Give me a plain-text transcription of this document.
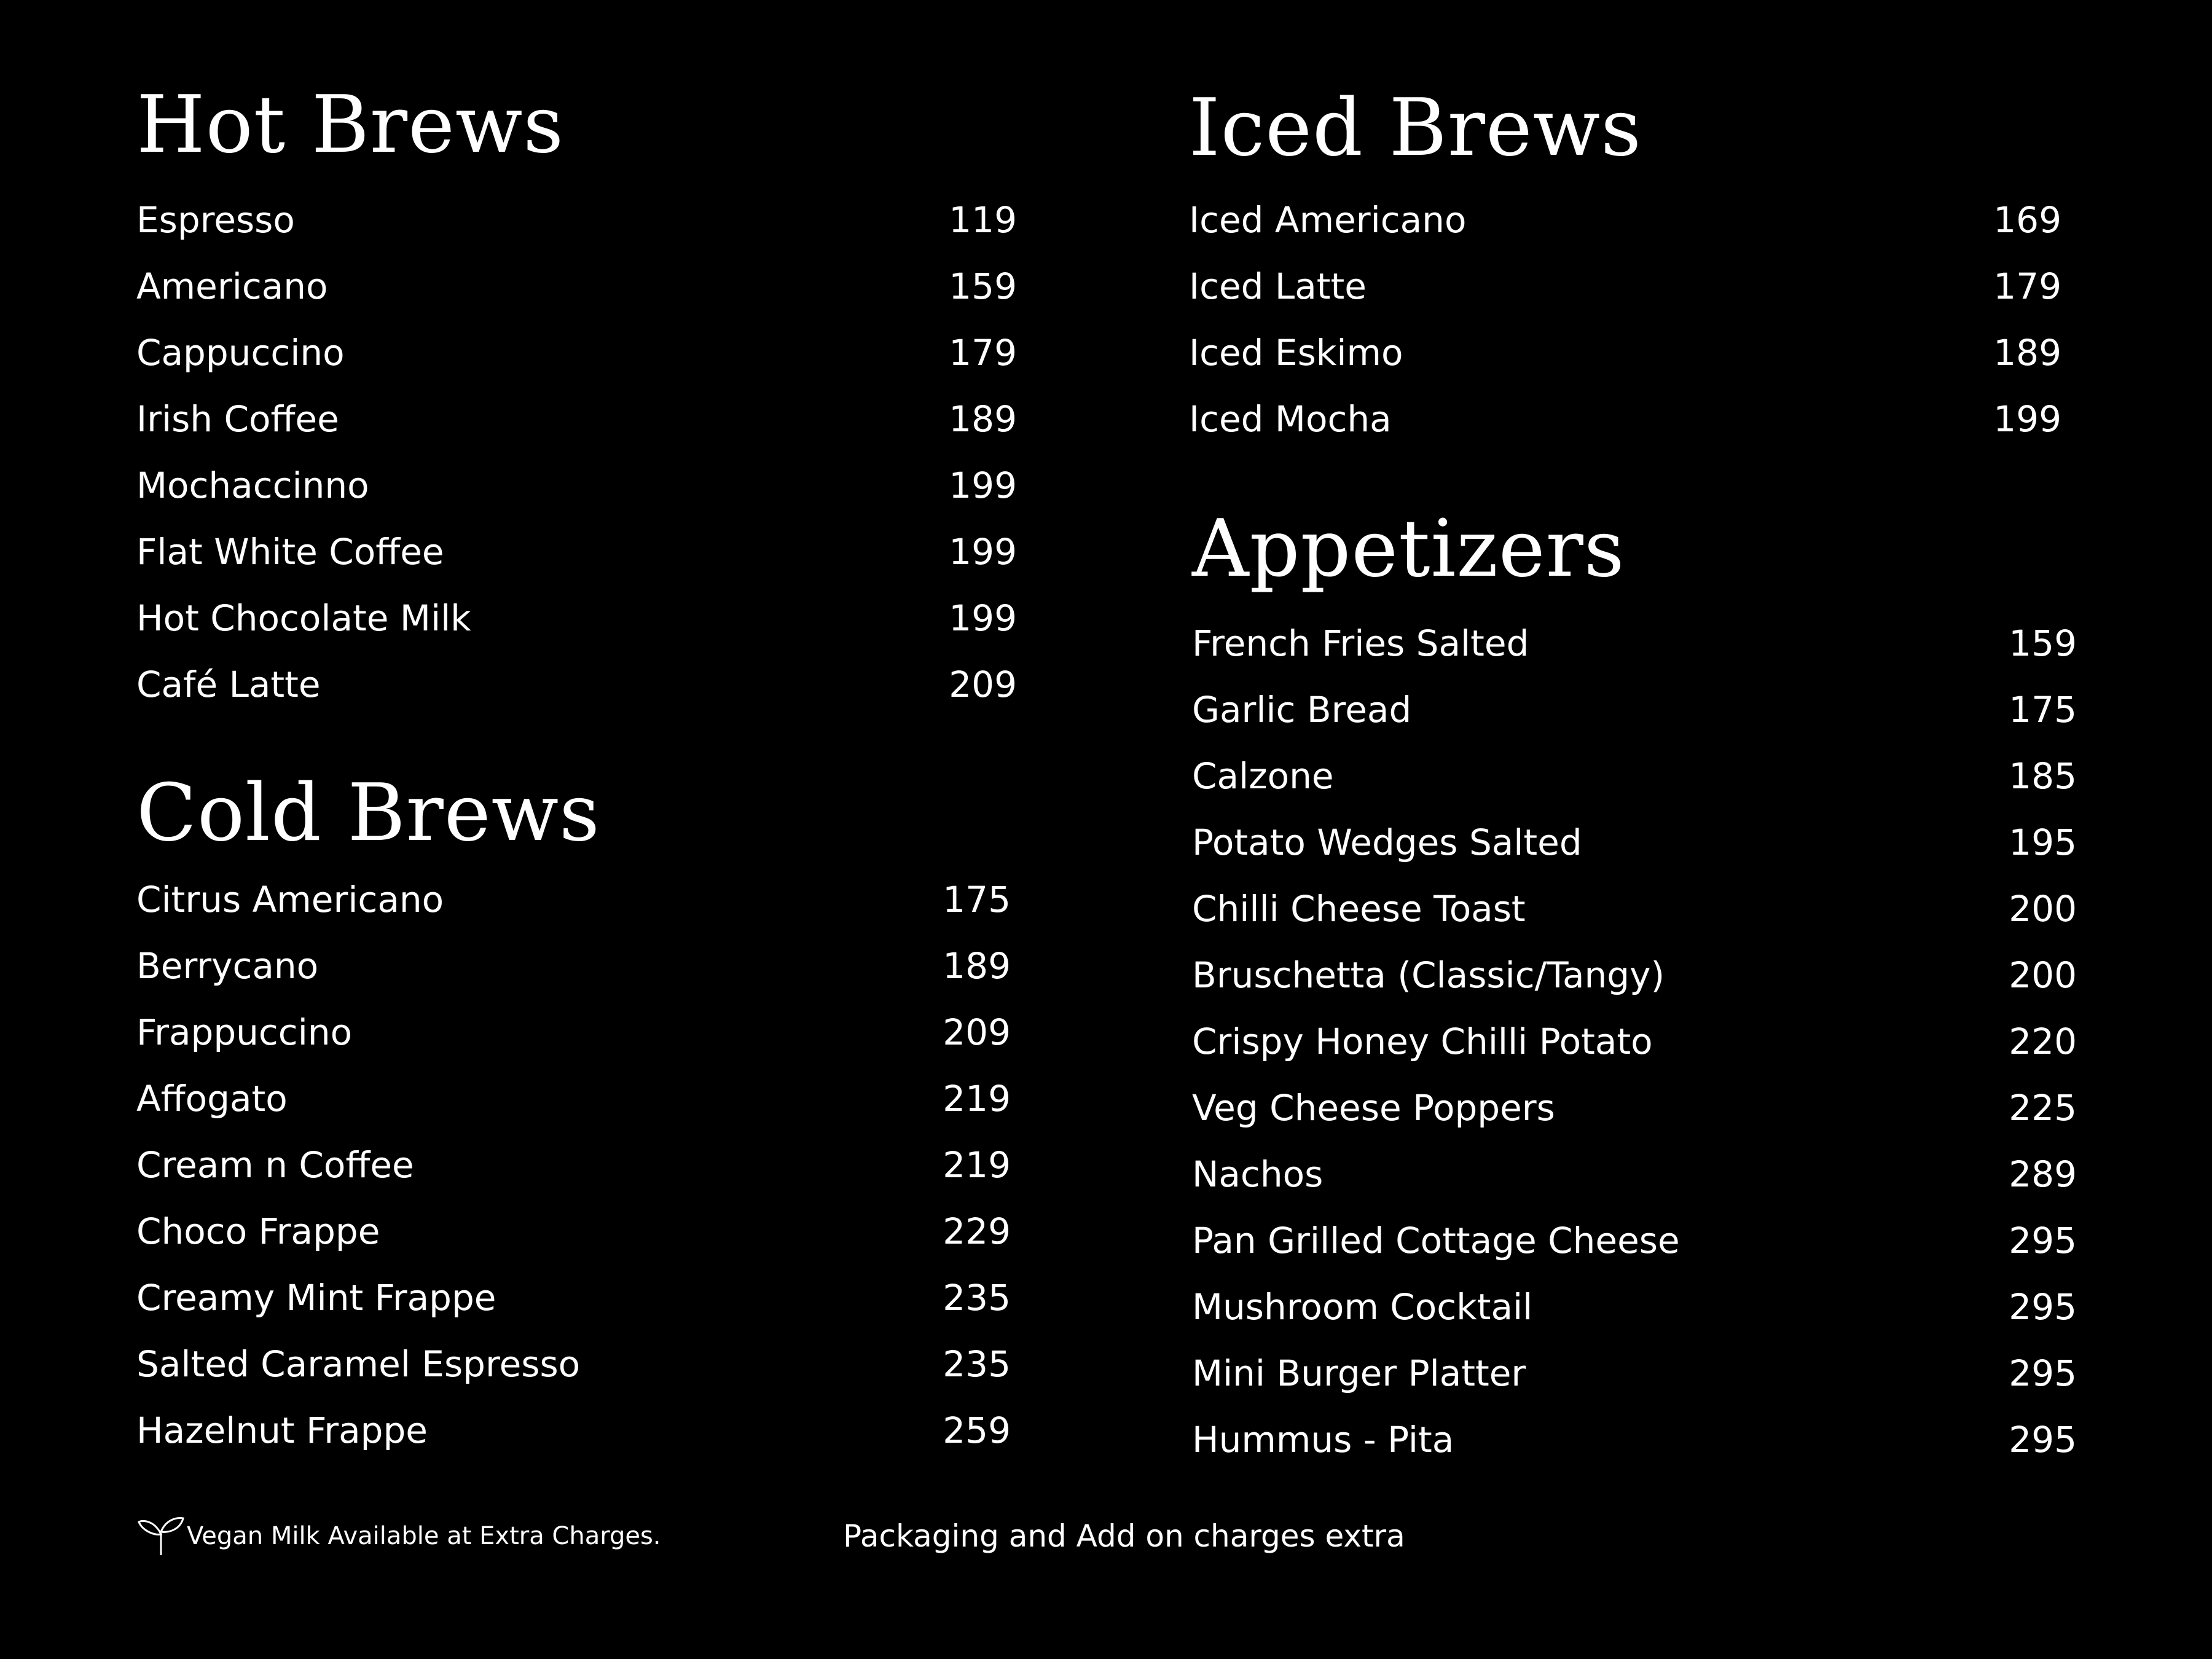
Hot Brews
Espresso	119
Americano	159
Cappuccino	179
Irish Coffee	189
Mochaccinno	199
Flat White Coffee	199
Hot Chocolate Milk	199
Café Latte	209
Cold Brews
Citrus Americano	175
Berrycano	189
Frappuccino	209
Affogato	219
Cream n Coffee	219
Choco Frappe	229
Creamy Mint Frappe	235
Salted Caramel Espresso	235
Hazelnut Frappe	259
Iced Brews
Iced Americano	169
Iced Latte	179
Iced Eskimo	189
Iced Mocha	199
Appetizers
French Fries Salted	159
Garlic Bread	175
Calzone	185
Potato Wedges Salted	195
Chilli Cheese Toast	200
Bruschetta (Classic/Tangy)	200
Crispy Honey Chilli Potato	220
Veg Cheese Poppers	225
Nachos	289
Pan Grilled Cottage Cheese	295
Mushroom Cocktail	295
Mini Burger Platter	295
Hummus - Pita	295
Vegan Milk Available at Extra Charges.	Packaging and Add on charges extra
